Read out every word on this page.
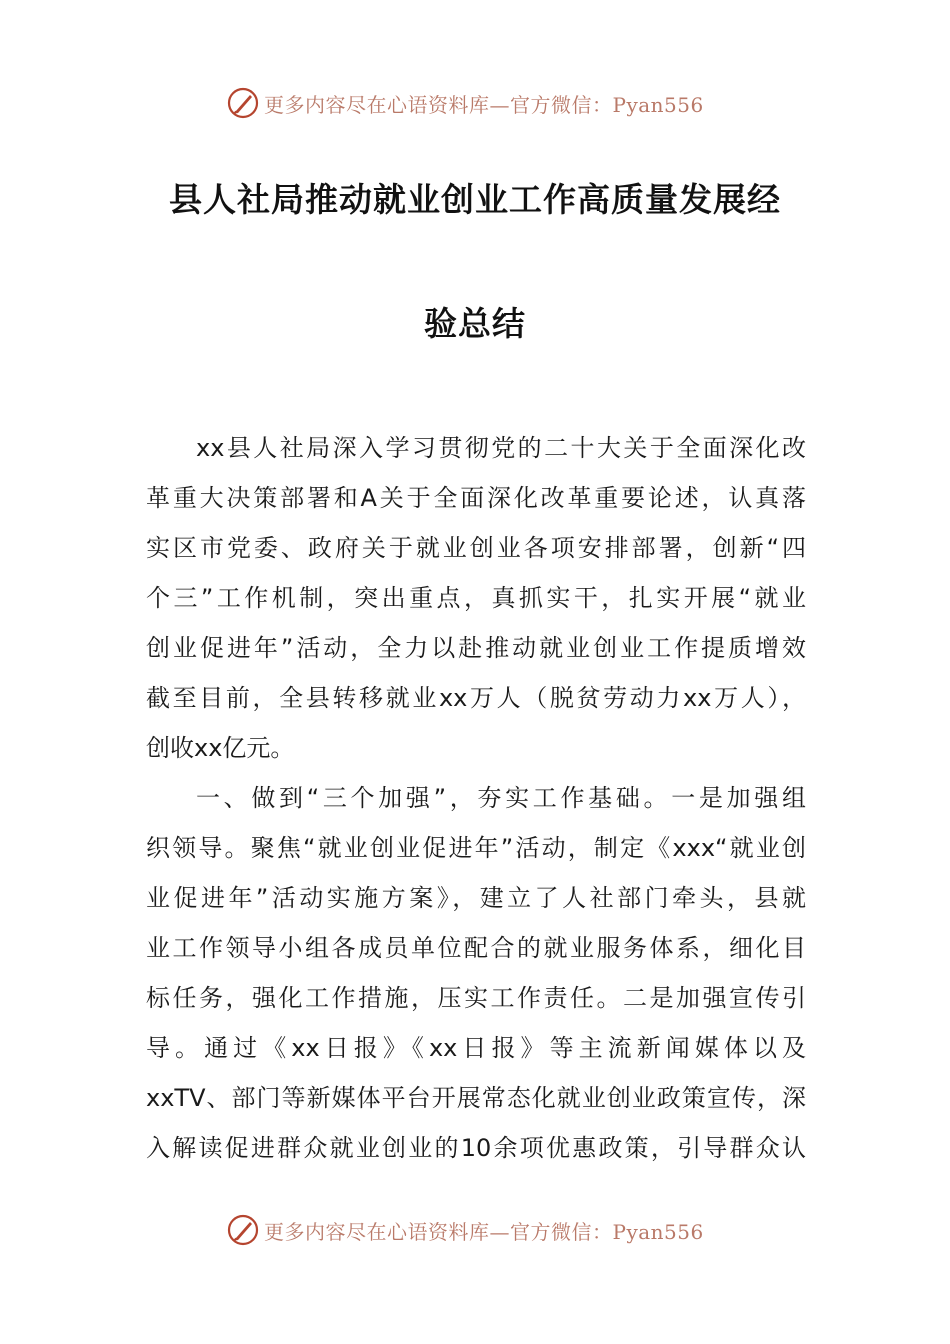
更多内容尽在心语资料库—官方微信：Pyan556
县人社局推动就业创业工作高质量发展经
验总结
xx县人社局深入学习贯彻党的二十大关于全面深化改
革重大决策部署和A关于全面深化改革重要论述，认真落
实区市党委、政府关于就业创业各项安排部署，创新“四
个三”工作机制，突出重点，真抓实干，扎实开展“就业
创业促进年”活动，全力以赴推动就业创业工作提质增效
截至目前，全县转移就业xx万人（脱贫劳动力xx万人），
创收xx亿元。
一、做到“三个加强”，夯实工作基础。一是加强组
织领导。聚焦“就业创业促进年”活动，制定《xxx“就业创
业促进年”活动实施方案》，建立了人社部门牵头，县就
业工作领导小组各成员单位配合的就业服务体系，细化目
标任务，强化工作措施，压实工作责任。二是加强宣传引
导。通过《xx日报》《xx日报》等主流新闻媒体以及
xxTV、部门等新媒体平台开展常态化就业创业政策宣传，深
入解读促进群众就业创业的10余项优惠政策，引导群众认
更多内容尽在心语资料库—官方微信：Pyan556
